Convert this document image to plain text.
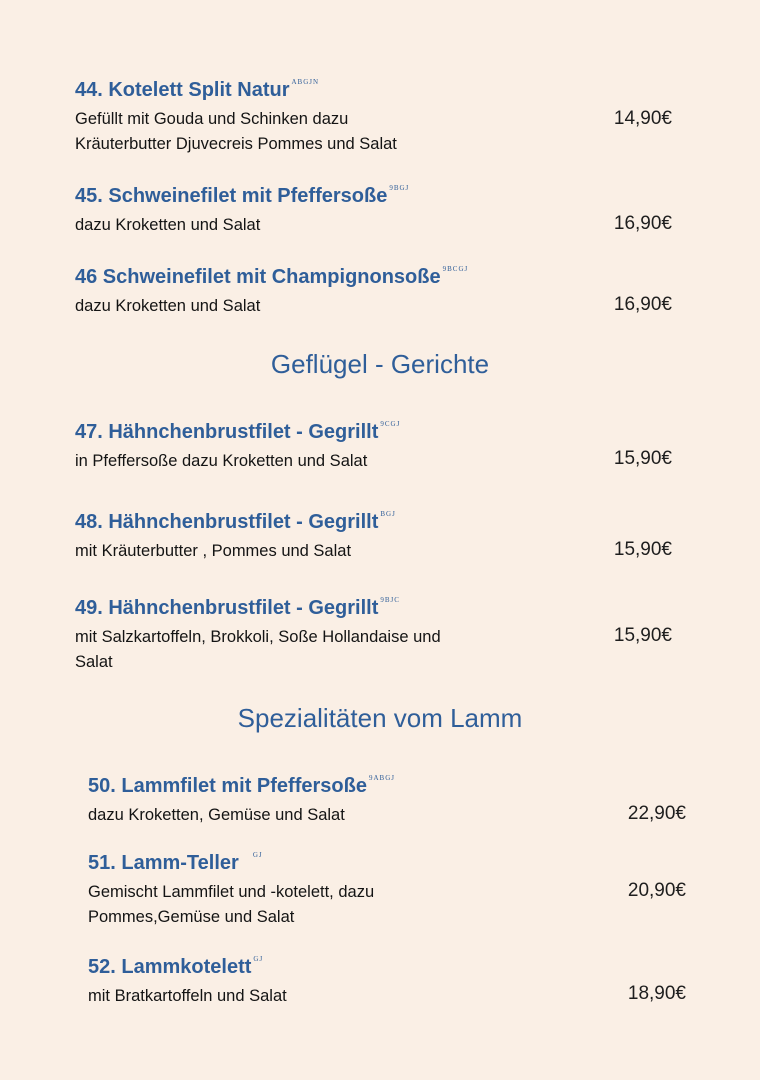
44. Kotelett Split Natur $^{ABGJN}$
Gefüllt mit Gouda und Schinken dazu
Kräuterbutter Djuvecreis Pommes und Salat
14,90€
45. Schweinefilet mit Pfeffersoße $^{9BGJ}$
dazu Kroketten und Salat	16,90€
46 Schweinefilet mit Champignonsoße $^{9BCGJ}$
dazu Kroketten und Salat	16,90€
Geflügel - Gerichte
47. Hähnchenbrustfilet - Gegrillt $^{9CGJ}$
in Pfeffersoße dazu Kroketten und Salat	15,90€
48. Hähnchenbrustfilet - Gegrillt $^{BGJ}$
mit Kräuterbutter , Pommes und Salat	15,90€
49. Hähnchenbrustfilet - Gegrillt $^{9BJC}$
mit Salzkartoffeln, Brokkoli, Soße Hollandaise und
Salat
15,90€
Spezialitäten vom Lamm
50. Lammfilet mit Pfeffersoße $^{9ABGJ}$
dazu Kroketten, Gemüse und Salat	22,90€
51. Lamm-Teller $^{GJ}$
Gemischt Lammfilet und -kotelett, dazu
Pommes,Gemüse und Salat
20,90€
52. Lammkotelett $^{GJ}$
mit Bratkartoffeln und Salat	18,90€
